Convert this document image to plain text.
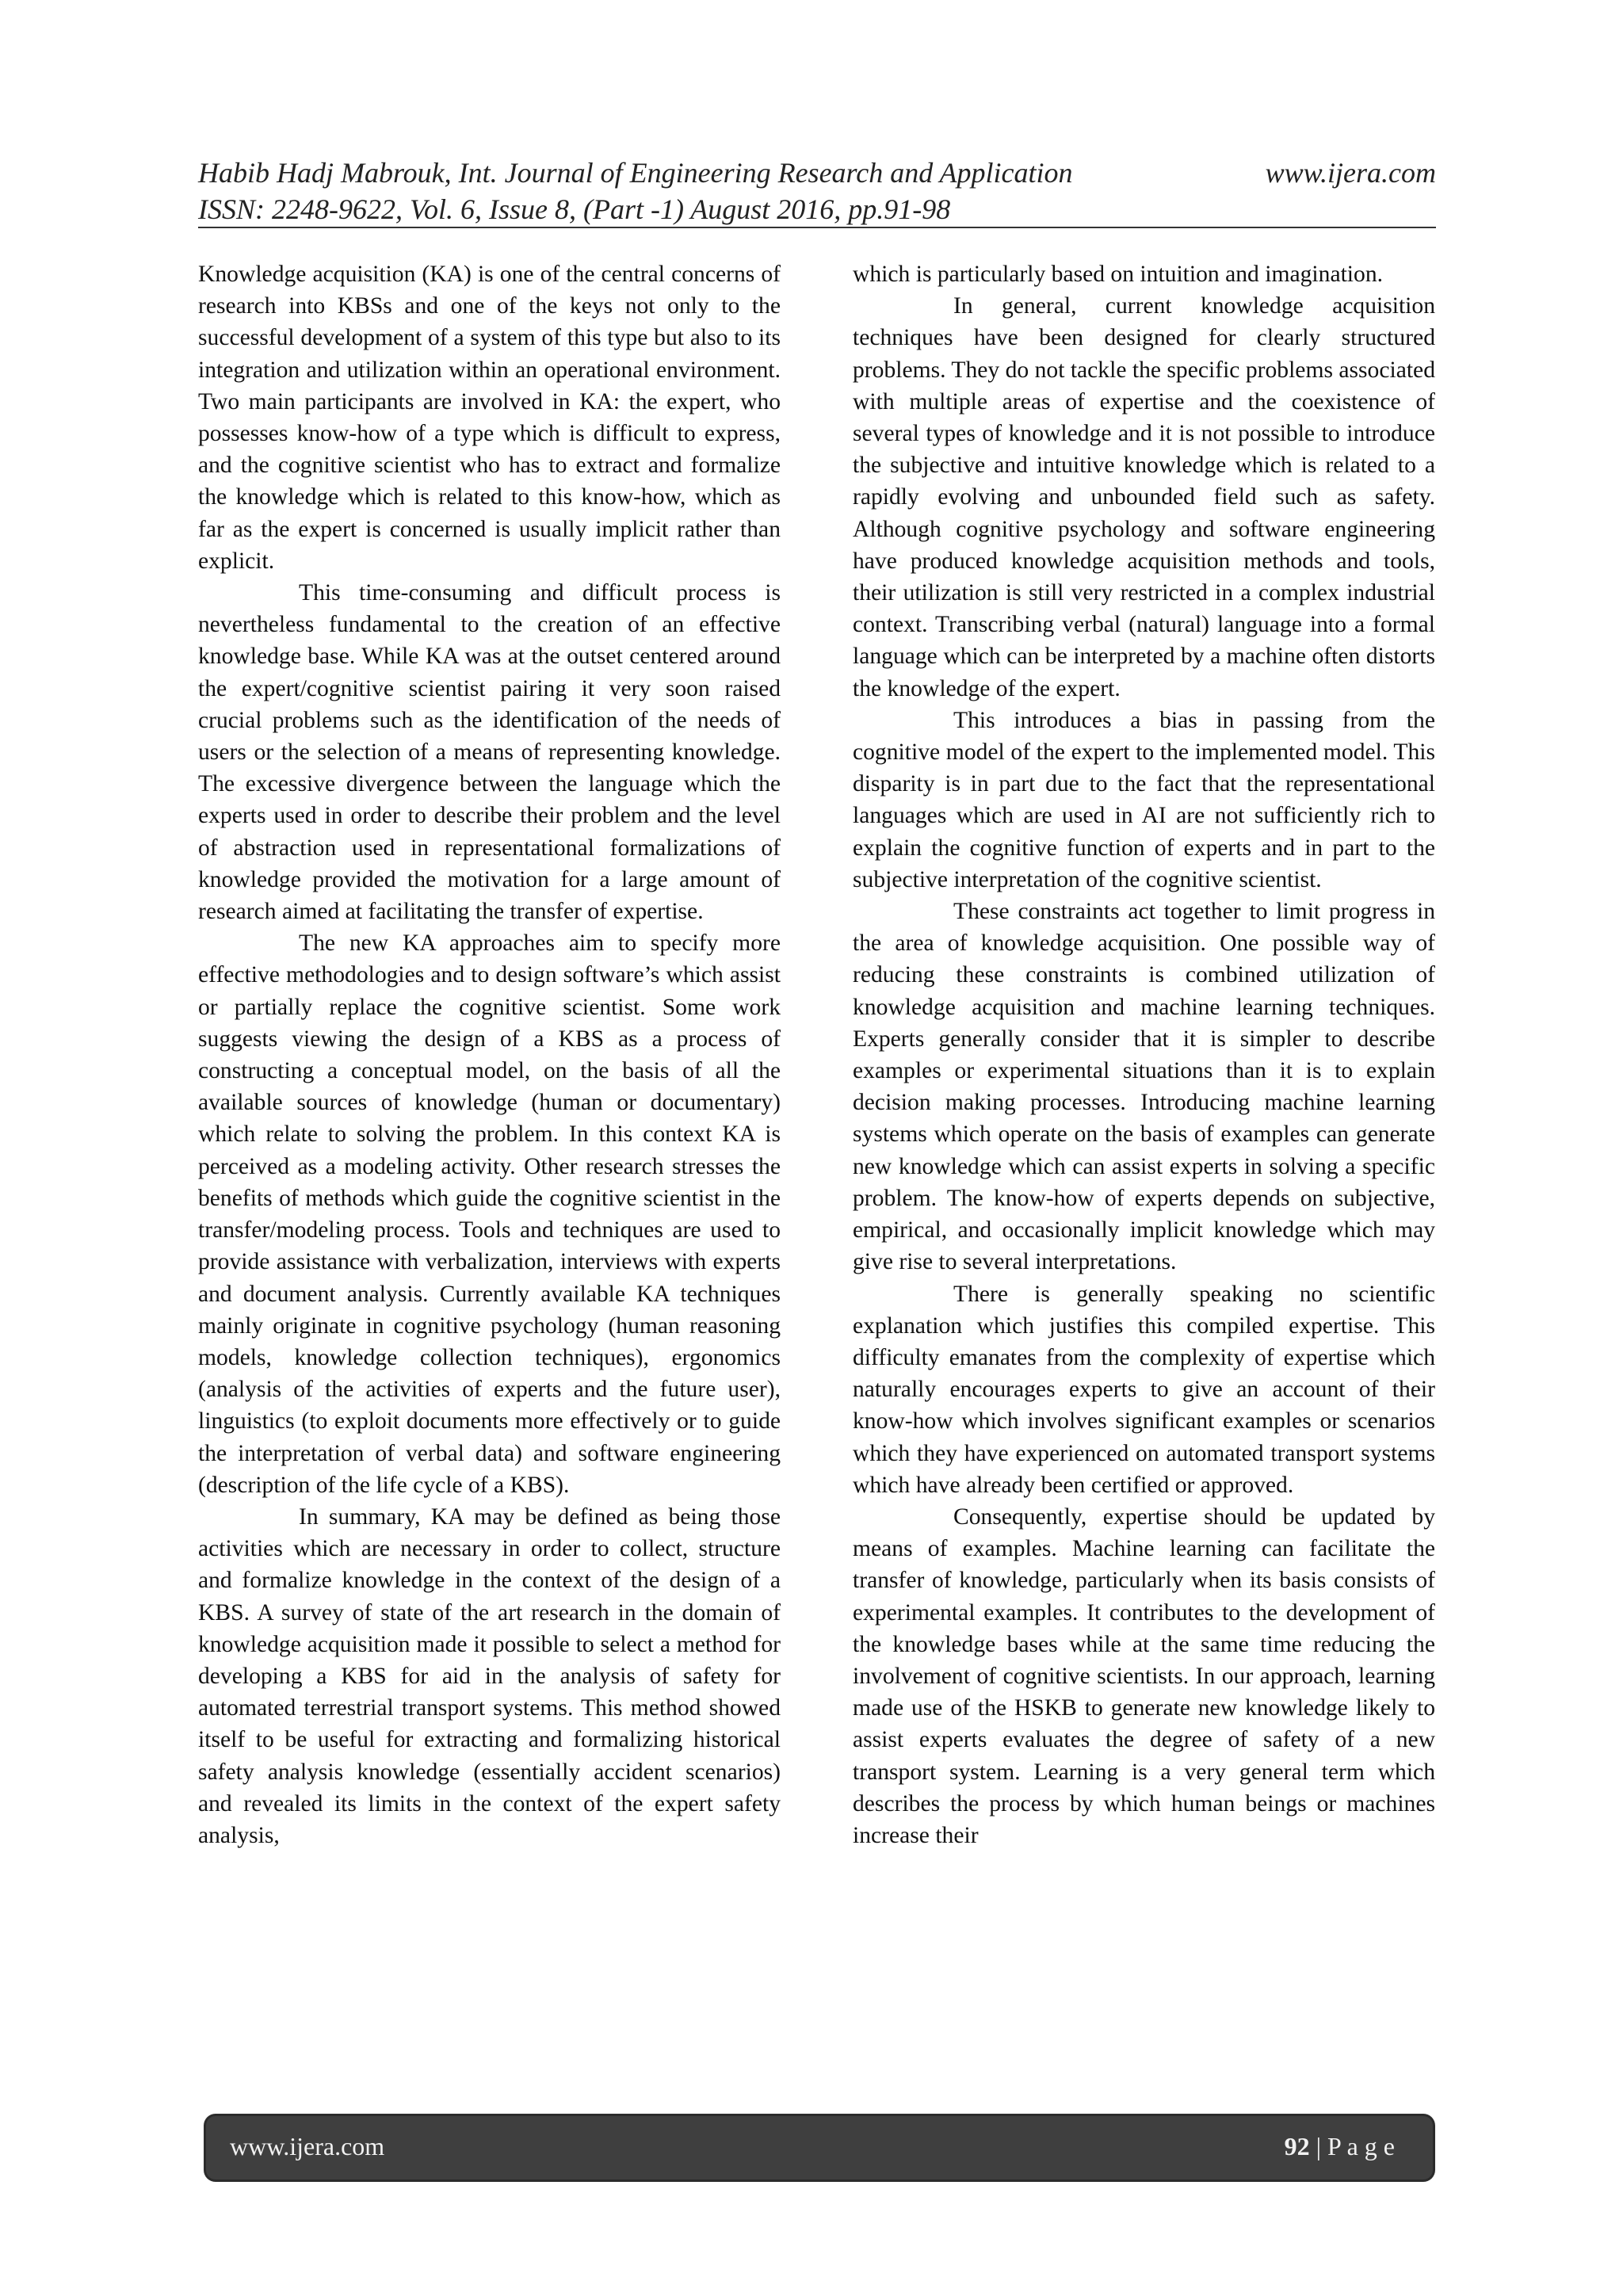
Habib Hadj Mabrouk, Int. Journal of Engineering Research and Application	www.ijera.com
ISSN: 2248-9622, Vol. 6, Issue 8, (Part -1) August 2016, pp.91-98

Knowledge acquisition (KA) is one of the central concerns of research into KBSs and one of the keys not only to the successful development of a system of this type but also to its integration and utilization within an operational environment. Two main participants are involved in KA: the expert, who possesses know-how of a type which is difficult to express, and the cognitive scientist who has to extract and formalize the knowledge which is related to this know-how, which as far as the expert is concerned is usually implicit rather than explicit.

This time-consuming and difficult process is nevertheless fundamental to the creation of an effective knowledge base. While KA was at the outset centered around the expert/cognitive scientist pairing it very soon raised crucial problems such as the identification of the needs of users or the selection of a means of representing knowledge. The excessive divergence between the language which the experts used in order to describe their problem and the level of abstraction used in representational formalizations of knowledge provided the motivation for a large amount of research aimed at facilitating the transfer of expertise.

The new KA approaches aim to specify more effective methodologies and to design software’s which assist or partially replace the cognitive scientist. Some work suggests viewing the design of a KBS as a process of constructing a conceptual model, on the basis of all the available sources of knowledge (human or documentary) which relate to solving the problem. In this context KA is perceived as a modeling activity. Other research stresses the benefits of methods which guide the cognitive scientist in the transfer/modeling process. Tools and techniques are used to provide assistance with verbalization, interviews with experts and document analysis. Currently available KA techniques mainly originate in cognitive psychology (human reasoning models, knowledge collection techniques), ergonomics (analysis of the activities of experts and the future user), linguistics (to exploit documents more effectively or to guide the interpretation of verbal data) and software engineering (description of the life cycle of a KBS).

In summary, KA may be defined as being those activities which are necessary in order to collect, structure and formalize knowledge in the context of the design of a KBS. A survey of state of the art research in the domain of knowledge acquisition made it possible to select a method for developing a KBS for aid in the analysis of safety for automated terrestrial transport systems. This method showed itself to be useful for extracting and formalizing historical safety analysis knowledge (essentially accident scenarios) and revealed its limits in the context of the expert safety analysis,

which is particularly based on intuition and imagination.

In general, current knowledge acquisition techniques have been designed for clearly structured problems. They do not tackle the specific problems associated with multiple areas of expertise and the coexistence of several types of knowledge and it is not possible to introduce the subjective and intuitive knowledge which is related to a rapidly evolving and unbounded field such as safety. Although cognitive psychology and software engineering have produced knowledge acquisition methods and tools, their utilization is still very restricted in a complex industrial context. Transcribing verbal (natural) language into a formal language which can be interpreted by a machine often distorts the knowledge of the expert.

This introduces a bias in passing from the cognitive model of the expert to the implemented model. This disparity is in part due to the fact that the representational languages which are used in AI are not sufficiently rich to explain the cognitive function of experts and in part to the subjective interpretation of the cognitive scientist.

These constraints act together to limit progress in the area of knowledge acquisition. One possible way of reducing these constraints is combined utilization of knowledge acquisition and machine learning techniques. Experts generally consider that it is simpler to describe examples or experimental situations than it is to explain decision making processes. Introducing machine learning systems which operate on the basis of examples can generate new knowledge which can assist experts in solving a specific problem. The know-how of experts depends on subjective, empirical, and occasionally implicit knowledge which may give rise to several interpretations.

There is generally speaking no scientific explanation which justifies this compiled expertise. This difficulty emanates from the complexity of expertise which naturally encourages experts to give an account of their know-how which involves significant examples or scenarios which they have experienced on automated transport systems which have already been certified or approved.

Consequently, expertise should be updated by means of examples. Machine learning can facilitate the transfer of knowledge, particularly when its basis consists of experimental examples. It contributes to the development of the knowledge bases while at the same time reducing the involvement of cognitive scientists. In our approach, learning made use of the HSKB to generate new knowledge likely to assist experts evaluates the degree of safety of a new transport system. Learning is a very general term which describes the process by which human beings or machines increase their

www.ijera.com	92 | P a g e
